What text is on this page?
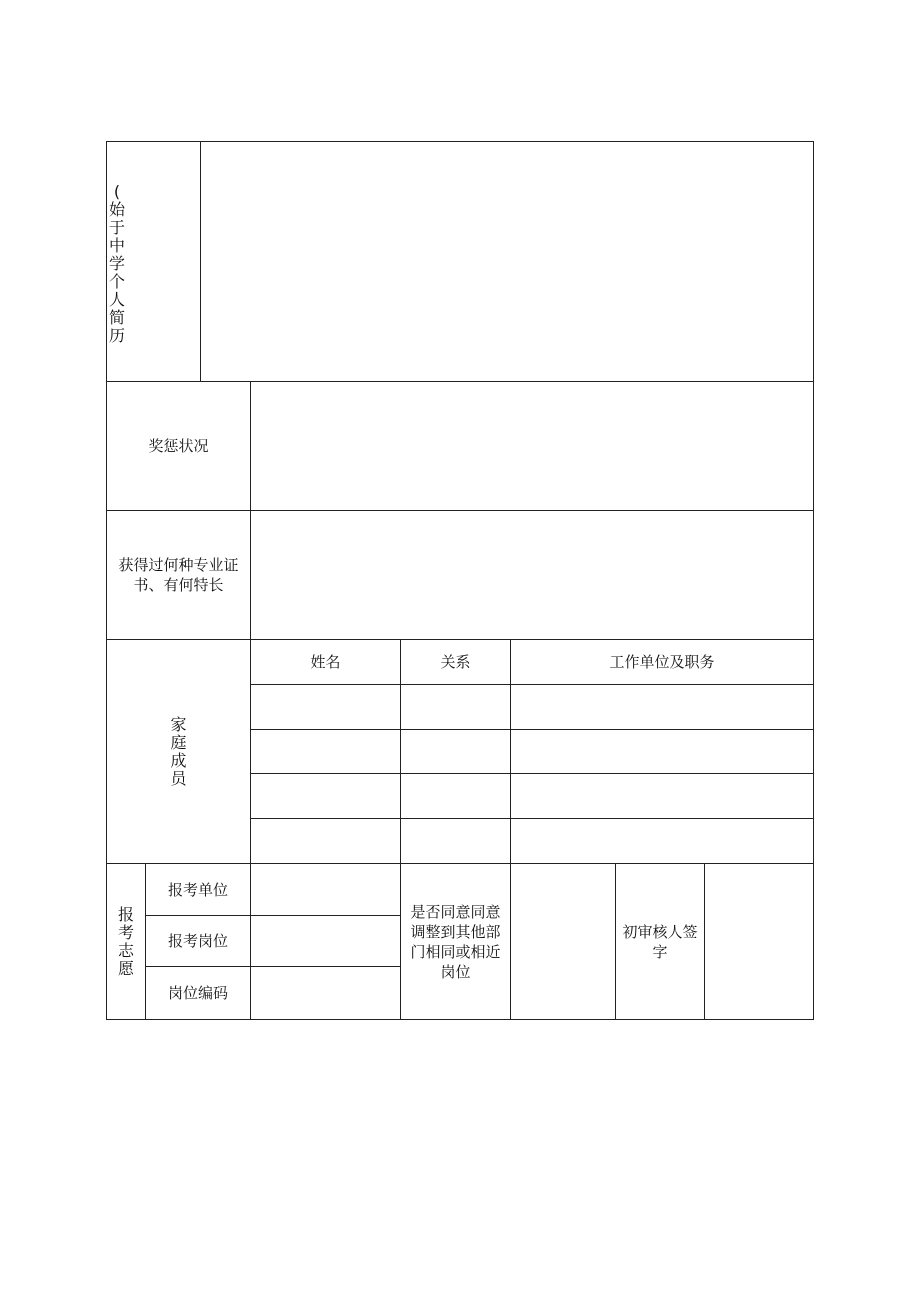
(
始
于
中
学
个
人
简
历
奖惩状况
获得过何种专业证书、有何特长
家
庭
成
员
姓名	关系	工作单位及职务
报
考
志
愿
报考单位
报考岗位
岗位编码
是否同意同意调整到其他部门相同或相近岗位
初审核人签字
